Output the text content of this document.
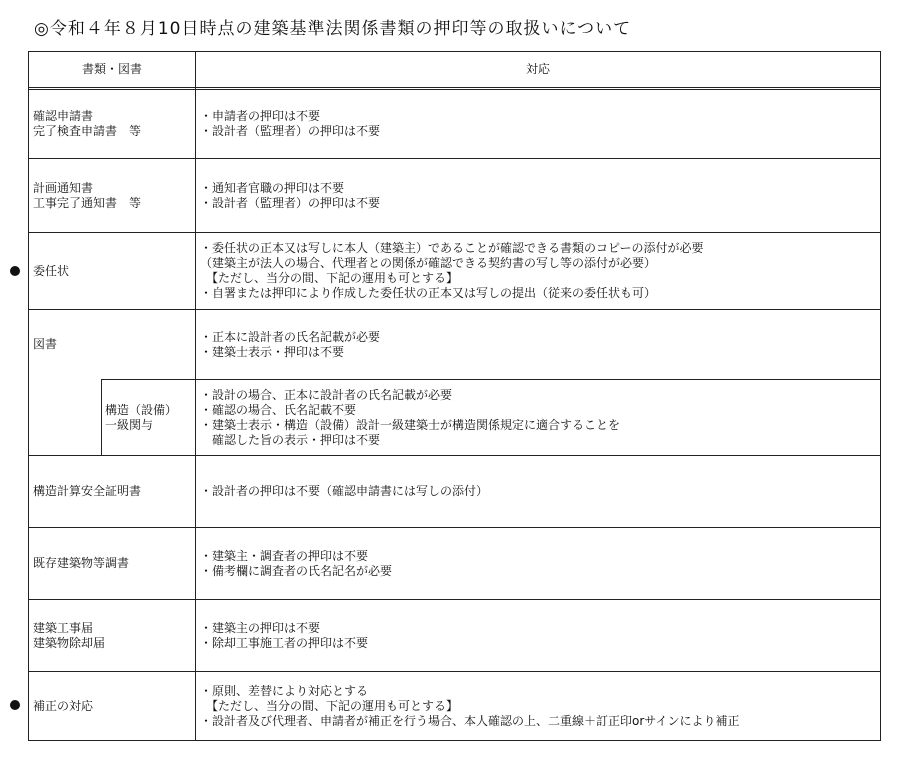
◎令和４年８月10日時点の建築基準法関係書類の押印等の取扱いについて
書類・図書	対応
確認申請書
完了検査申請書　等
・申請者の押印は不要
・設計者（監理者）の押印は不要
計画通知書
工事完了通知書　等
・通知者官職の押印は不要
・設計者（監理者）の押印は不要
委任状
・委任状の正本又は写しに本人（建築主）であることが確認できる書類のコピーの添付が必要
（建築主が法人の場合、代理者との関係が確認できる契約書の写し等の添付が必要）
　【ただし、当分の間、下記の運用も可とする】
・自署または押印により作成した委任状の正本又は写しの提出（従来の委任状も可）
図書
・正本に設計者の氏名記載が必要
・建築士表示・押印は不要
構造（設備）
一級関与
・設計の場合、正本に設計者の氏名記載が必要
・確認の場合、氏名記載不要
・建築士表示・構造（設備）設計一級建築士が構造関係規定に適合することを
　確認した旨の表示・押印は不要
構造計算安全証明書	・設計者の押印は不要（確認申請書には写しの添付）
既存建築物等調書
・建築主・調査者の押印は不要
・備考欄に調査者の氏名記名が必要
建築工事届
建築物除却届
・建築主の押印は不要
・除却工事施工者の押印は不要
補正の対応
・原則、差替により対応とする
　【ただし、当分の間、下記の運用も可とする】
・設計者及び代理者、申請者が補正を行う場合、本人確認の上、二重線＋訂正印orサインにより補正
